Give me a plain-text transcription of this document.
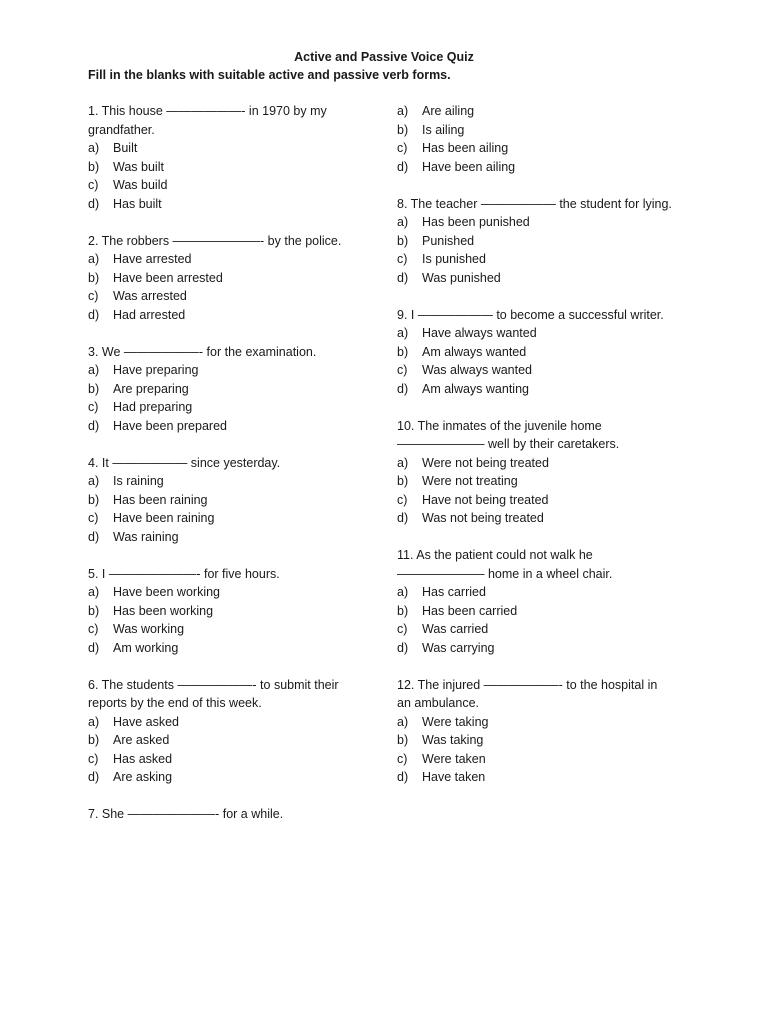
Active and Passive Voice Quiz

Fill in the blanks with suitable active and passive verb forms.

1. This house ——————- in 1970 by my grandfather.

a) Built

b) Was built

c) Was build

d) Has built

2. The robbers ———————- by the police.

a) Have arrested

b) Have been arrested

c) Was arrested

d) Had arrested

3. We ——————- for the examination.

a) Have preparing

b) Are preparing

c) Had preparing

d) Have been prepared

4. It —————— since yesterday.

a) Is raining

b) Has been raining

c) Have been raining

d) Was raining

5. I ———————- for five hours.

a) Have been working

b) Has been working

c) Was working

d) Am working

6. The students ——————- to submit their reports by the end of this week.

a) Have asked

b) Are asked

c) Has asked

d) Are asking

7. She ———————- for a while.

a) Are ailing

b) Is ailing

c) Has been ailing

d) Have been ailing

8. The teacher —————— the student for lying.

a) Has been punished

b) Punished

c) Is punished

d) Was punished

9. I —————— to become a successful writer.

a) Have always wanted

b) Am always wanted

c) Was always wanted

d) Am always wanting

10. The inmates of the juvenile home ——————— well by their caretakers.

a) Were not being treated

b) Were not treating

c) Have not being treated

d) Was not being treated

11. As the patient could not walk he ——————— home in a wheel chair.

a) Has carried

b) Has been carried

c) Was carried

d) Was carrying

12. The injured ——————- to the hospital in an ambulance.

a) Were taking

b) Was taking

c) Were taken

d) Have taken
